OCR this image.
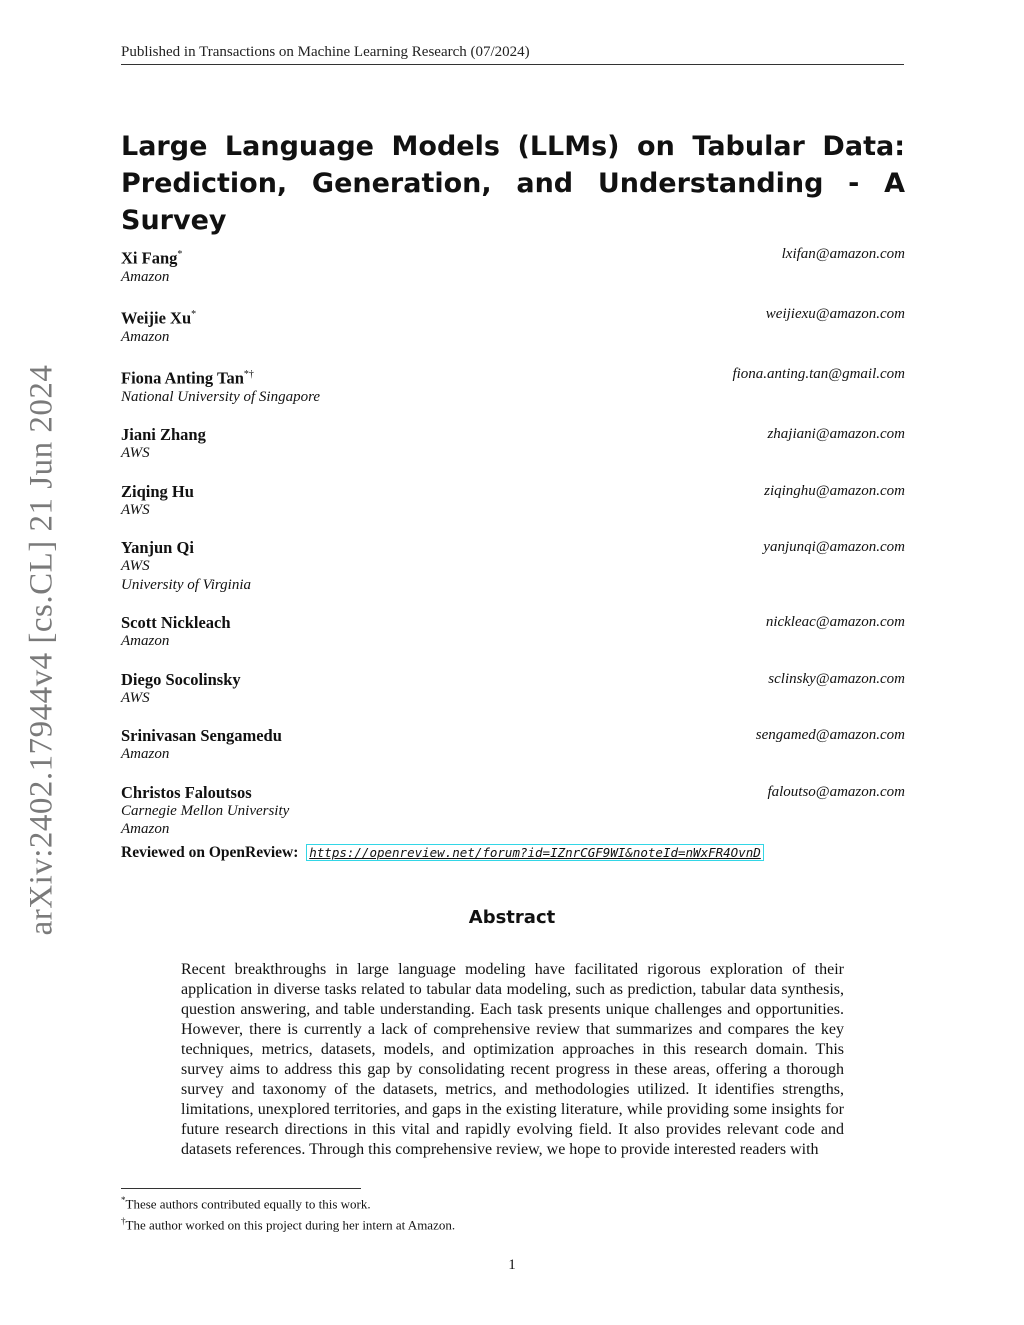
Published in Transactions on Machine Learning Research (07/2024)
arXiv:2402.17944v4 [cs.CL] 21 Jun 2024
Large Language Models (LLMs) on Tabular Data: Prediction, Generation, and Understanding - A Survey
Xi Fang*
Amazon
lxifan@amazon.com
Weijie Xu*
Amazon
weijiexu@amazon.com
Fiona Anting Tan*†
National University of Singapore
fiona.anting.tan@gmail.com
Jiani Zhang
AWS
zhajiani@amazon.com
Ziqing Hu
AWS
ziqinghu@amazon.com
Yanjun Qi
AWS
University of Virginia
yanjunqi@amazon.com
Scott Nickleach
Amazon
nickleac@amazon.com
Diego Socolinsky
AWS
sclinsky@amazon.com
Srinivasan Sengamedu
Amazon
sengamed@amazon.com
Christos Faloutsos
Carnegie Mellon University
Amazon
faloutso@amazon.com
Reviewed on OpenReview: https://openreview.net/forum?id=IZnrCGF9WI&noteId=nWxFR4OvnD
Abstract

Recent breakthroughs in large language modeling have facilitated rigorous exploration of their application in diverse tasks related to tabular data modeling, such as prediction, tabular data synthesis, question answering, and table understanding. Each task presents unique challenges and opportunities. However, there is currently a lack of comprehensive review that summarizes and compares the key techniques, metrics, datasets, models, and optimization approaches in this research domain. This survey aims to address this gap by consolidating recent progress in these areas, offering a thorough survey and taxonomy of the datasets, metrics, and methodologies utilized. It identifies strengths, limitations, unexplored territories, and gaps in the existing literature, while providing some insights for future research directions in this vital and rapidly evolving field. It also provides relevant code and datasets references. Through this comprehensive review, we hope to provide interested readers with

*These authors contributed equally to this work.
†The author worked on this project during her intern at Amazon.
1
